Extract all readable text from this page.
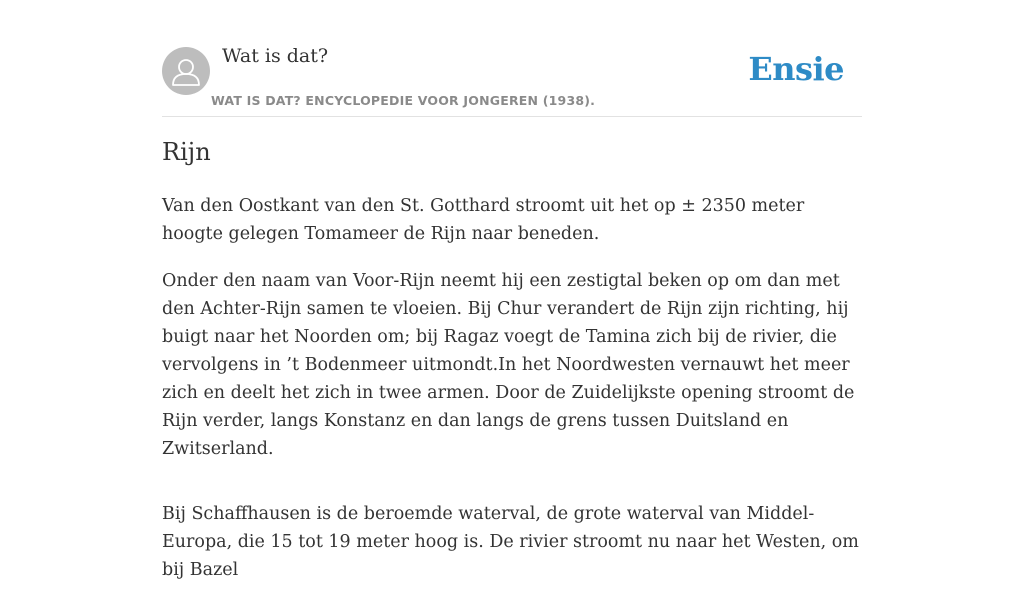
Wat is dat?
WAT IS DAT? ENCYCLOPEDIE VOOR JONGEREN (1938).
Ensie
Rijn

Van den Oostkant van den St. Gotthard stroomt uit het op ± 2350 meter hoogte gelegen Tomameer de Rijn naar beneden.

Onder den naam van Voor-Rijn neemt hij een zestigtal beken op om dan met den Achter-Rijn samen te vloeien. Bij Chur verandert de Rijn zijn richting, hij buigt naar het Noorden om; bij Ragaz voegt de Tamina zich bij de rivier, die vervolgens in ’t Bodenmeer uitmondt.In het Noordwesten vernauwt het meer zich en deelt het zich in twee armen. Door de Zuidelijkste opening stroomt de Rijn verder, langs Konstanz en dan langs de grens tussen Duitsland en Zwitserland.

Bij Schaffhausen is de beroemde waterval, de grote waterval van Middel-Europa, die 15 tot 19 meter hoog is. De rivier stroomt nu naar het Westen, om bij Bazel
